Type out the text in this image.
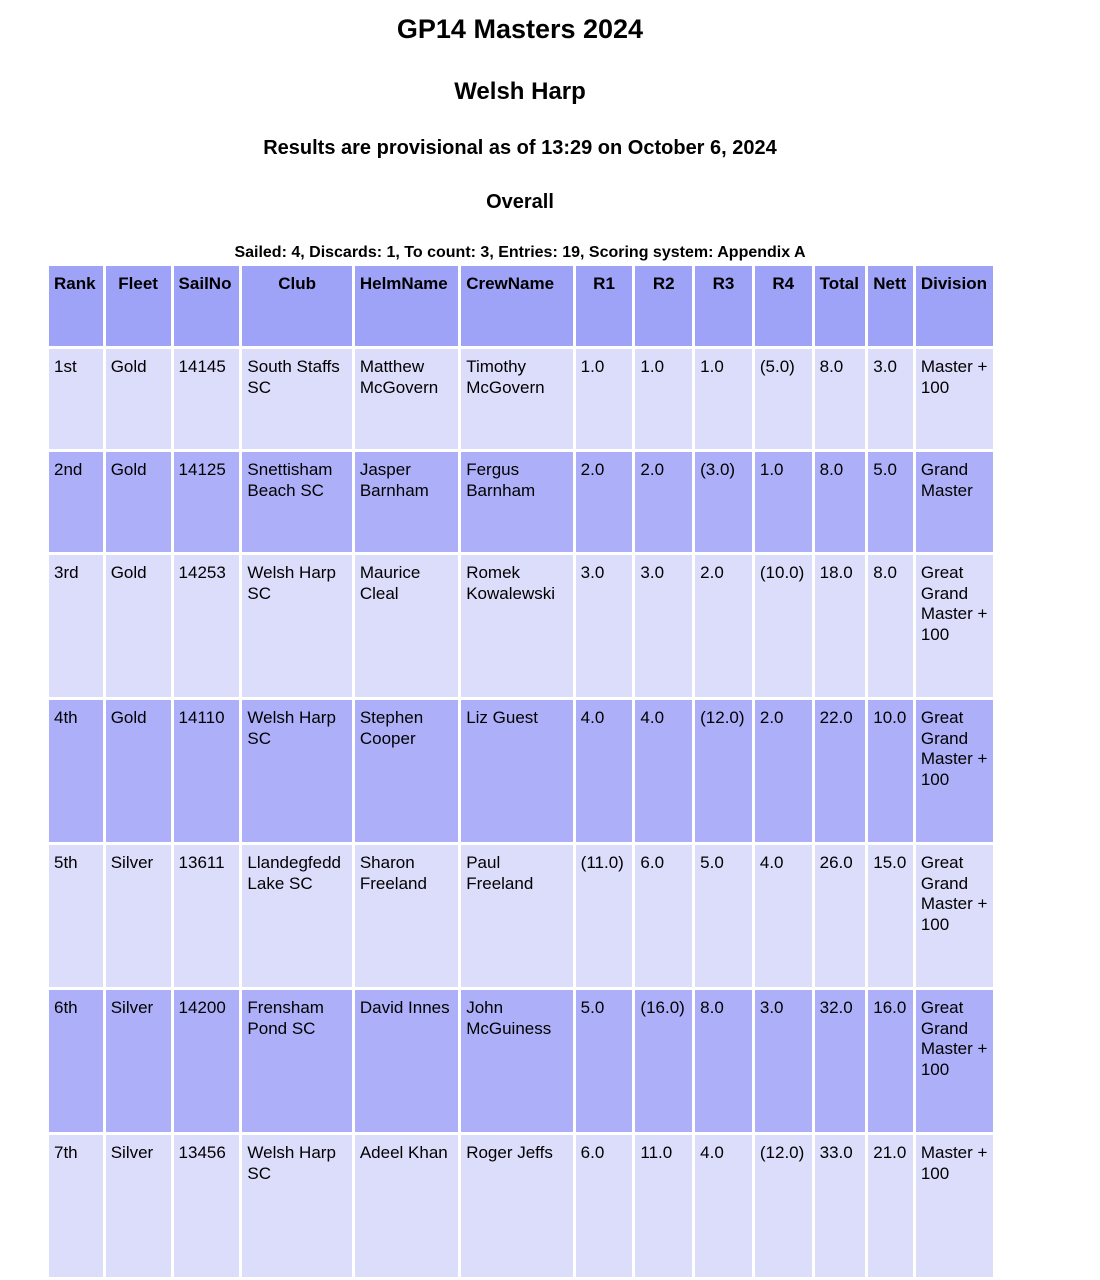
GP14 Masters 2024
Welsh Harp
Results are provisional as of 13:29 on October 6, 2024
Overall
Sailed: 4, Discards: 1, To count: 3, Entries: 19, Scoring system: Appendix A
Rank	Fleet	SailNo	Club	HelmName	CrewName	R1	R2	R3	R4	Total	Nett	Division
1st	Gold	14145	South Staffs SC	Matthew McGovern	Timothy McGovern	1.0	1.0	1.0	(5.0)	8.0	3.0	Master + 100
2nd	Gold	14125	Snettisham Beach SC	Jasper Barnham	Fergus Barnham	2.0	2.0	(3.0)	1.0	8.0	5.0	Grand Master
3rd	Gold	14253	Welsh Harp SC	Maurice Cleal	Romek Kowalewski	3.0	3.0	2.0	(10.0)	18.0	8.0	Great Grand Master + 100
4th	Gold	14110	Welsh Harp SC	Stephen Cooper	Liz Guest	4.0	4.0	(12.0)	2.0	22.0	10.0	Great Grand Master + 100
5th	Silver	13611	Llandegfedd Lake SC	Sharon Freeland	Paul Freeland	(11.0)	6.0	5.0	4.0	26.0	15.0	Great Grand Master + 100
6th	Silver	14200	Frensham Pond SC	David Innes	John McGuiness	5.0	(16.0)	8.0	3.0	32.0	16.0	Great Grand Master + 100
7th	Silver	13456	Welsh Harp SC	Adeel Khan	Roger Jeffs	6.0	11.0	4.0	(12.0)	33.0	21.0	Master + 100
